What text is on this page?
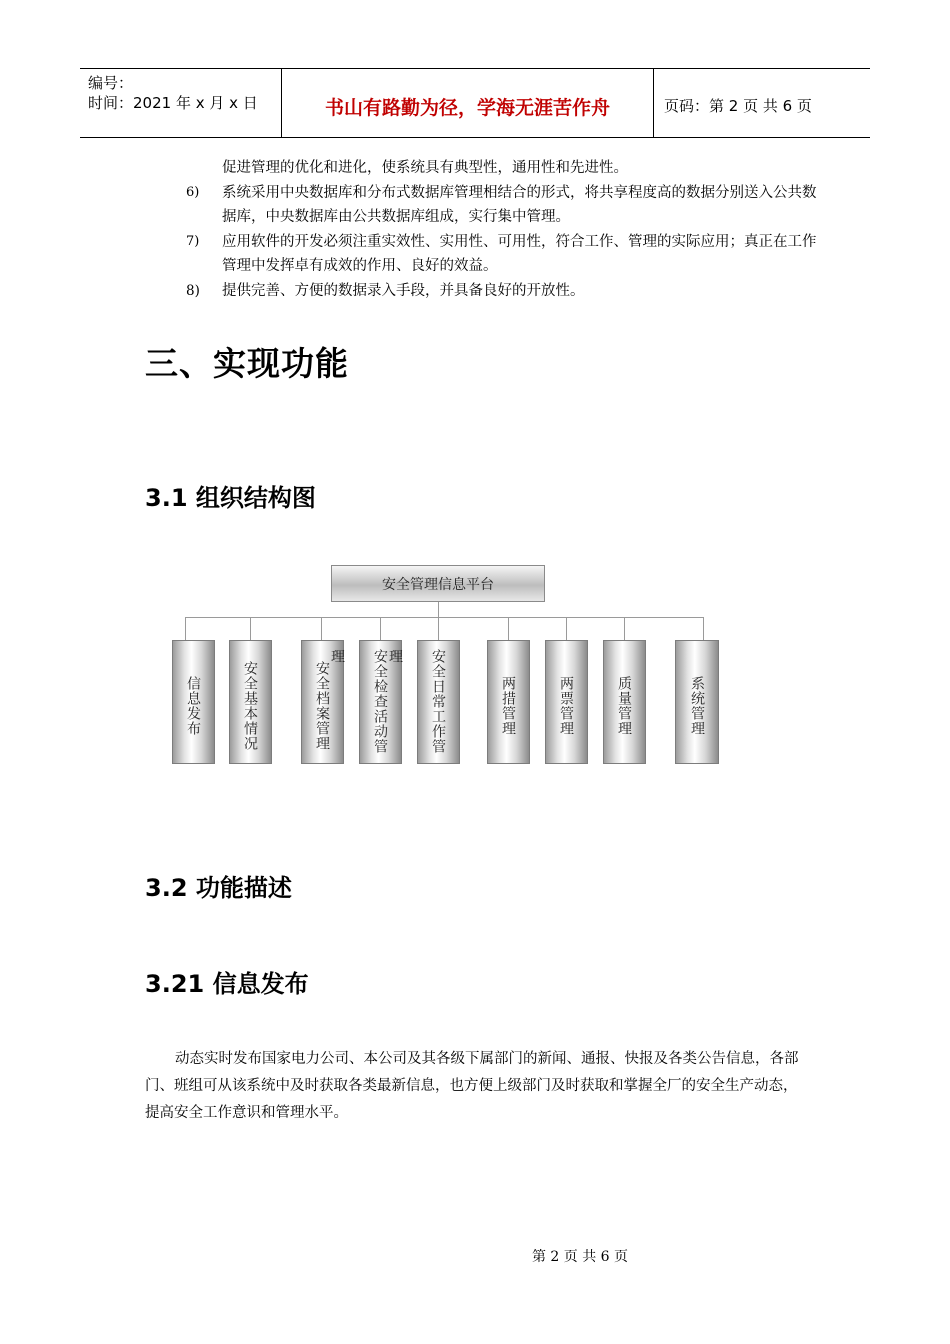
编号：
时间：2021 年 x 月 x 日	书山有路勤为径，学海无涯苦作舟	页码：第 2 页 共 6 页
促进管理的优化和进化，使系统具有典型性，通用性和先进性。
6) 系统采用中央数据库和分布式数据库管理相结合的形式，将共享程度高的数据分别送入公共数据库，中央数据库由公共数据库组成，实行集中管理。
7) 应用软件的开发必须注重实效性、实用性、可用性，符合工作、管理的实际应用；真正在工作管理中发挥卓有成效的作用、良好的效益。
8) 提供完善、方便的数据录入手段，并具备良好的开放性。
三、实现功能
3.1 组织结构图
安全管理信息平台
信息发布	安全基本情况	安全档案管理
安全检查活动管
安全日常工作管
两措管理	两票管理	质量管理	系统管理
3.2 功能描述
3.21 信息发布
动态实时发布国家电力公司、本公司及其各级下属部门的新闻、通报、快报及各类公告信息，各部门、班组可从该系统中及时获取各类最新信息，也方便上级部门及时获取和掌握全厂的安全生产动态，提高安全工作意识和管理水平。
第 2 页 共 6 页
